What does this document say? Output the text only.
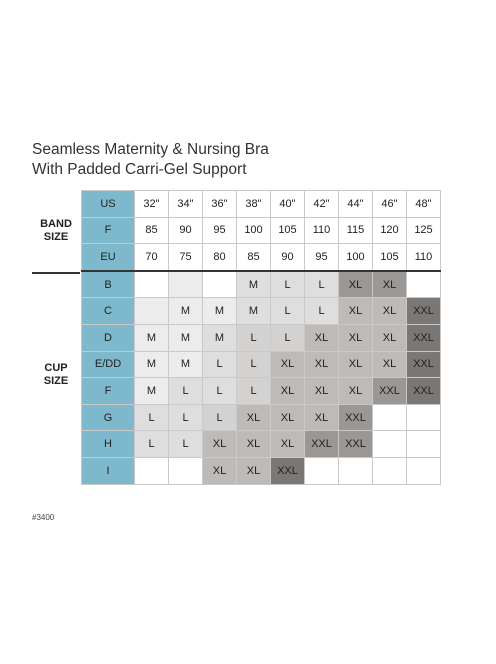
Seamless Maternity & Nursing Bra
With Padded Carri-Gel Support
BAND
SIZE
CUP
SIZE
US	32"	34"	36"	38"	40"	42"	44"	46"	48"
F	85	90	95	100	105	110	115	120	125
EU	70	75	80	85	90	95	100	105	110
B				M	L	L	XL	XL	
C		M	M	M	L	L	XL	XL	XXL
D	M	M	M	L	L	XL	XL	XL	XXL
E/DD	M	M	L	L	XL	XL	XL	XL	XXL
F	M	L	L	L	XL	XL	XL	XXL	XXL
G	L	L	L	XL	XL	XL	XXL		
H	L	L	XL	XL	XL	XXL	XXL		
I			XL	XL	XXL				
#3400
